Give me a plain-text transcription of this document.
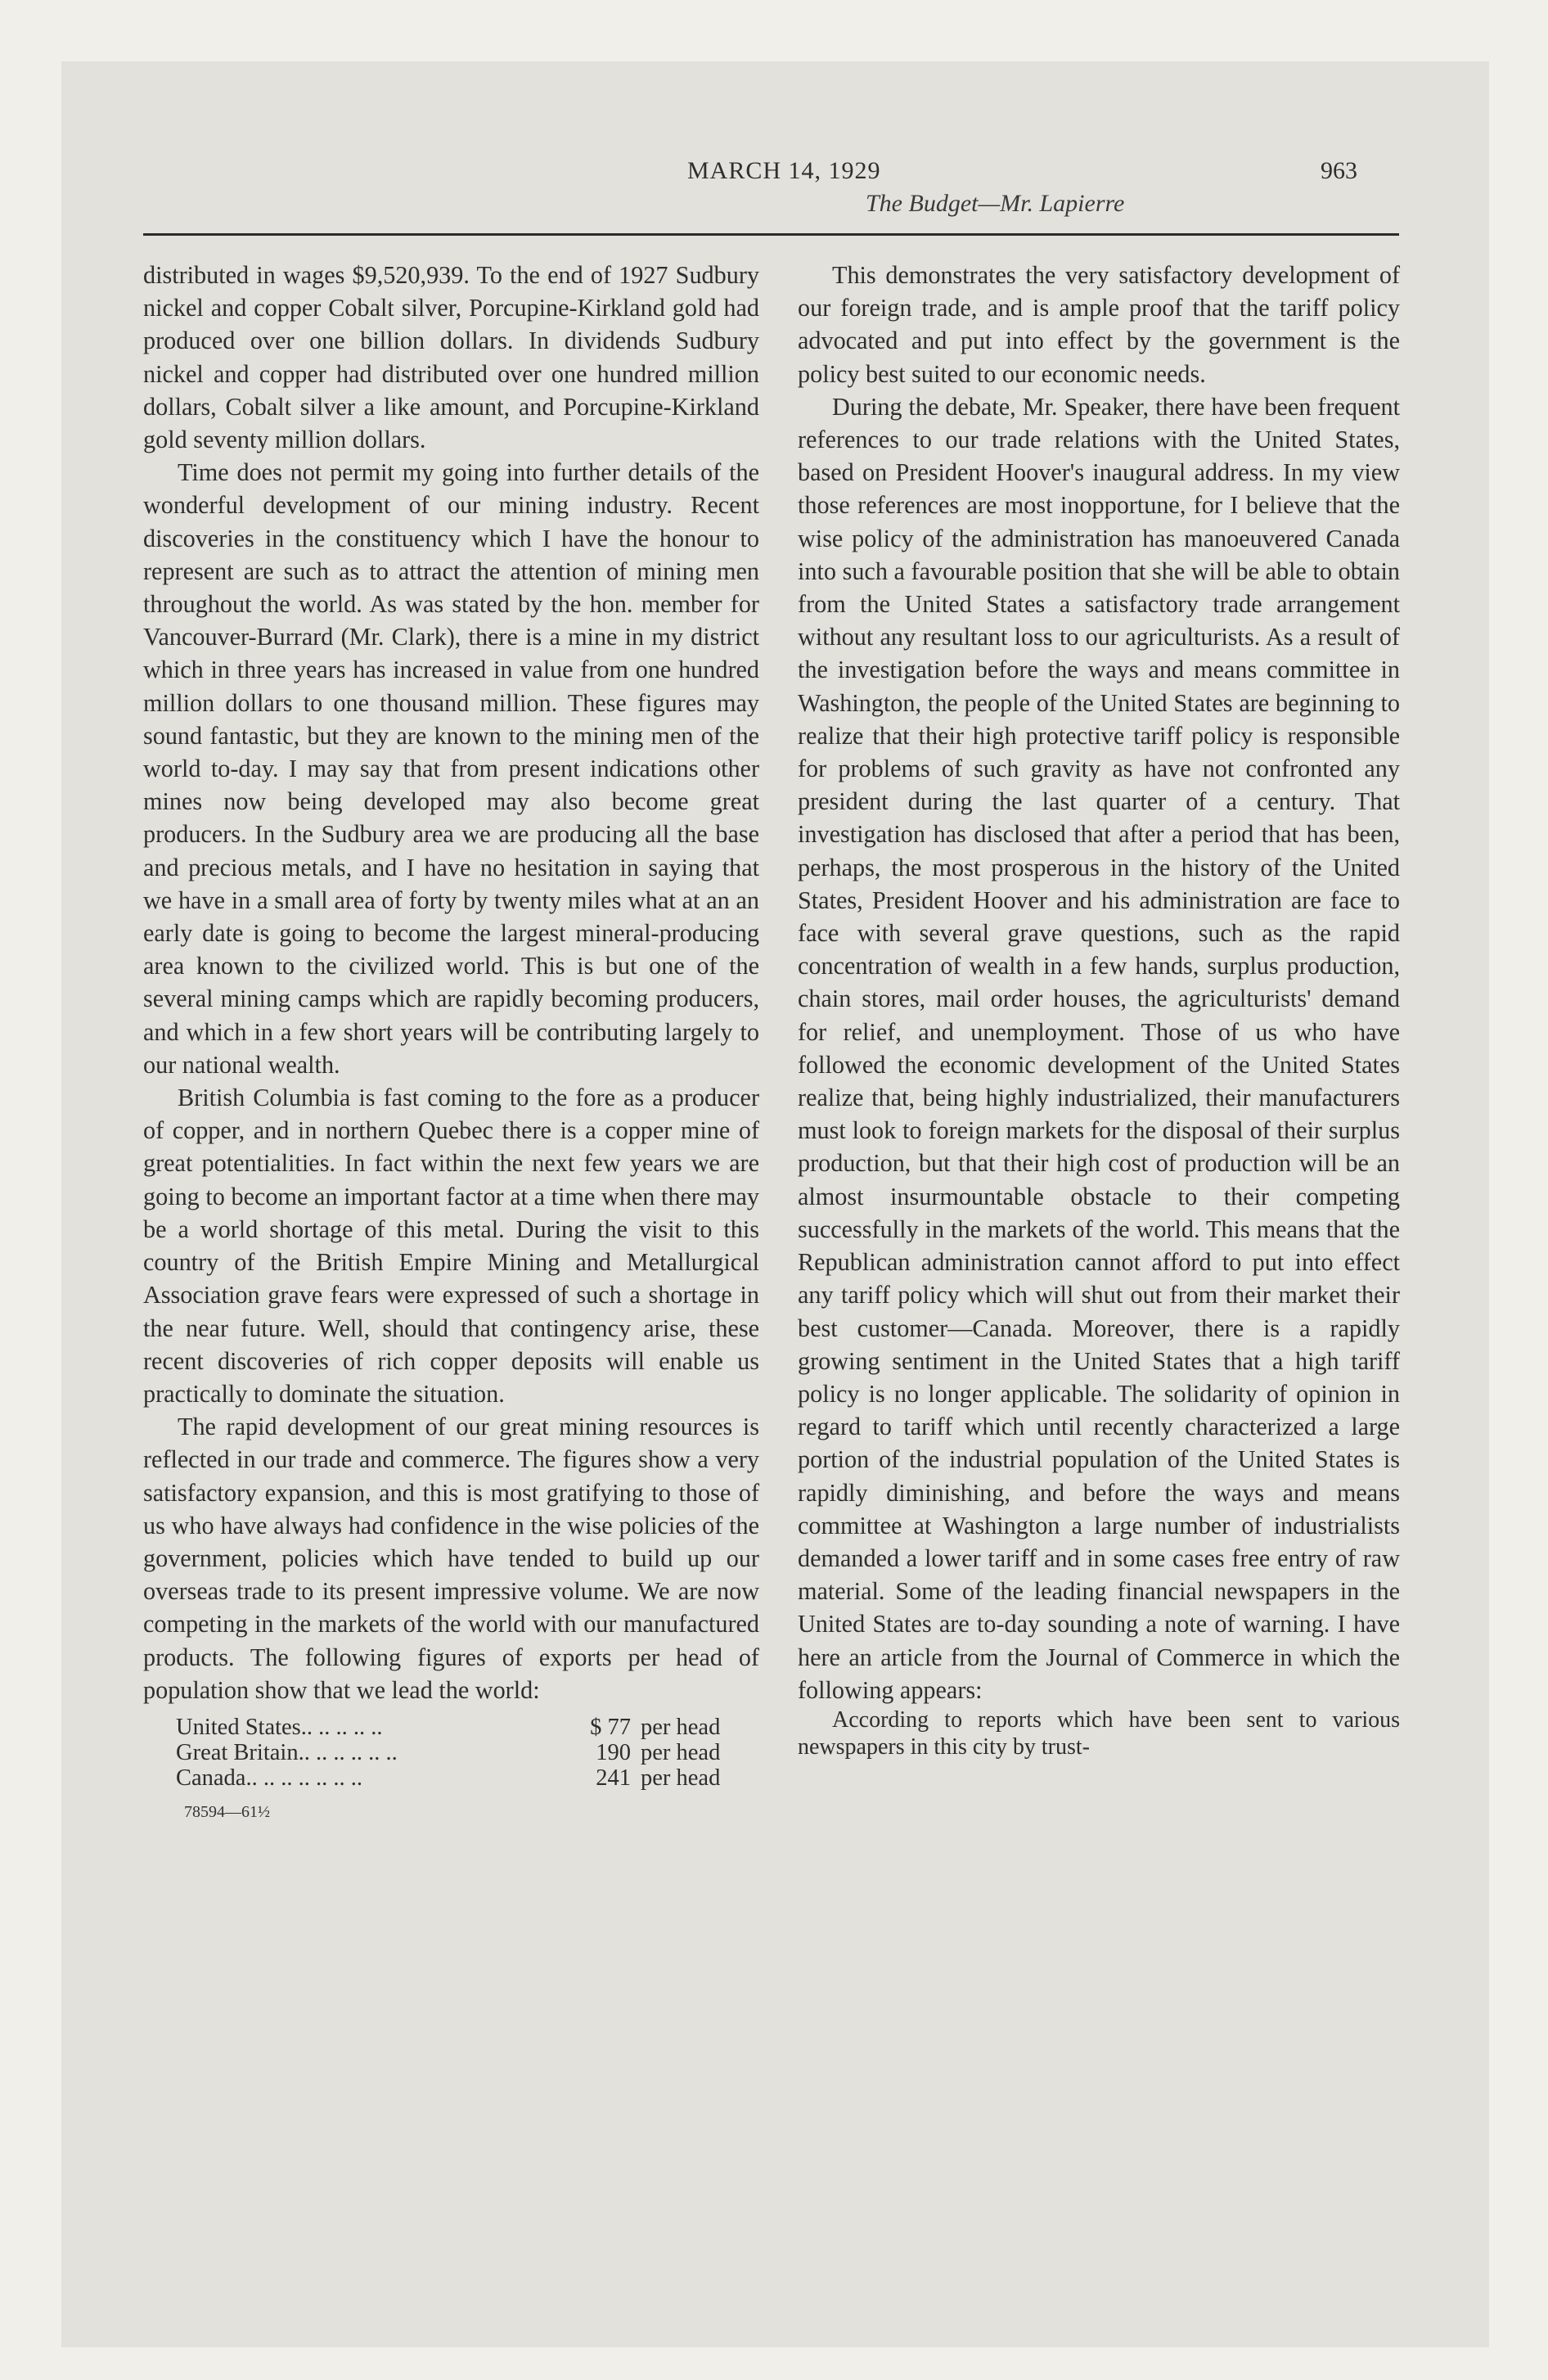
MARCH 14, 1929	963
The Budget—Mr. Lapierre

distributed in wages $9,520,939. To the end of 1927 Sudbury nickel and copper Cobalt silver, Porcupine-Kirkland gold had produced over one billion dollars. In dividends Sudbury nickel and copper had distributed over one hundred million dollars, Cobalt silver a like amount, and Porcupine-Kirkland gold seventy million dollars.

Time does not permit my going into further details of the wonderful development of our mining industry. Recent discoveries in the constituency which I have the honour to represent are such as to attract the attention of mining men throughout the world. As was stated by the hon. member for Vancouver-Burrard (Mr. Clark), there is a mine in my district which in three years has increased in value from one hundred million dollars to one thousand million. These figures may sound fantastic, but they are known to the mining men of the world to-day. I may say that from present indications other mines now being developed may also become great producers. In the Sudbury area we are producing all the base and precious metals, and I have no hesitation in saying that we have in a small area of forty by twenty miles what at an an early date is going to become the largest mineral-producing area known to the civilized world. This is but one of the several mining camps which are rapidly becoming producers, and which in a few short years will be contributing largely to our national wealth.

British Columbia is fast coming to the fore as a producer of copper, and in northern Quebec there is a copper mine of great potentialities. In fact within the next few years we are going to become an important factor at a time when there may be a world shortage of this metal. During the visit to this country of the British Empire Mining and Metallurgical Association grave fears were expressed of such a shortage in the near future. Well, should that contingency arise, these recent discoveries of rich copper deposits will enable us practically to dominate the situation.

The rapid development of our great mining resources is reflected in our trade and commerce. The figures show a very satisfactory expansion, and this is most gratifying to those of us who have always had confidence in the wise policies of the government, policies which have tended to build up our overseas trade to its present impressive volume. We are now competing in the markets of the world with our manufactured products. The following figures of exports per head of population show that we lead the world:

United States.. .. .. .. ..	$ 77 per head
Great Britain.. .. .. .. .. ..	190 per head
Canada.. .. .. .. .. .. ..	241 per head
78594—61½

This demonstrates the very satisfactory development of our foreign trade, and is ample proof that the tariff policy advocated and put into effect by the government is the policy best suited to our economic needs.

During the debate, Mr. Speaker, there have been frequent references to our trade relations with the United States, based on President Hoover's inaugural address. In my view those references are most inopportune, for I believe that the wise policy of the administration has manoeuvered Canada into such a favourable position that she will be able to obtain from the United States a satisfactory trade arrangement without any resultant loss to our agriculturists. As a result of the investigation before the ways and means committee in Washington, the people of the United States are beginning to realize that their high protective tariff policy is responsible for problems of such gravity as have not confronted any president during the last quarter of a century. That investigation has disclosed that after a period that has been, perhaps, the most prosperous in the history of the United States, President Hoover and his administration are face to face with several grave questions, such as the rapid concentration of wealth in a few hands, surplus production, chain stores, mail order houses, the agriculturists' demand for relief, and unemployment. Those of us who have followed the economic development of the United States realize that, being highly industrialized, their manufacturers must look to foreign markets for the disposal of their surplus production, but that their high cost of production will be an almost insurmountable obstacle to their competing successfully in the markets of the world. This means that the Republican administration cannot afford to put into effect any tariff policy which will shut out from their market their best customer—Canada. Moreover, there is a rapidly growing sentiment in the United States that a high tariff policy is no longer applicable. The solidarity of opinion in regard to tariff which until recently characterized a large portion of the industrial population of the United States is rapidly diminishing, and before the ways and means committee at Washington a large number of industrialists demanded a lower tariff and in some cases free entry of raw material. Some of the leading financial newspapers in the United States are to-day sounding a note of warning. I have here an article from the Journal of Commerce in which the following appears:

According to reports which have been sent to various newspapers in this city by trust-
